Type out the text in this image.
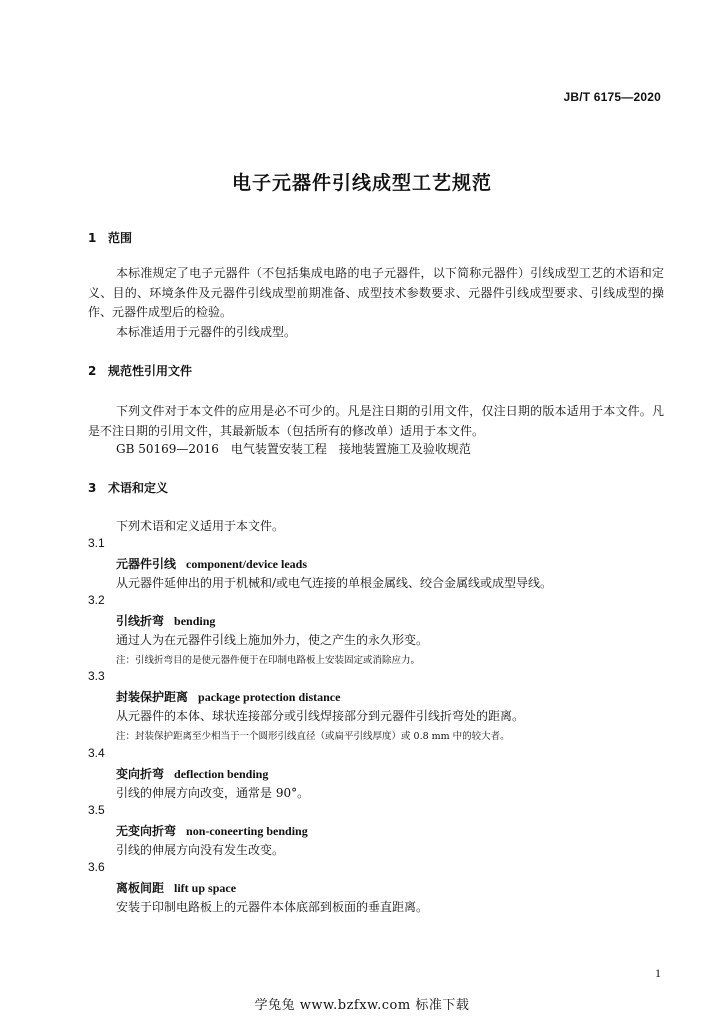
JB/T 6175—2020
电子元器件引线成型工艺规范
1 范围
本标准规定了电子元器件（不包括集成电路的电子元器件，以下简称元器件）引线成型工艺的术语和定义、目的、环境条件及元器件引线成型前期准备、成型技术参数要求、元器件引线成型要求、引线成型的操作、元器件成型后的检验。
本标准适用于元器件的引线成型。
2 规范性引用文件
下列文件对于本文件的应用是必不可少的。凡是注日期的引用文件，仅注日期的版本适用于本文件。凡是不注日期的引用文件，其最新版本（包括所有的修改单）适用于本文件。
GB 50169—2016　电气装置安装工程　接地装置施工及验收规范
3 术语和定义
下列术语和定义适用于本文件。
3.1
元器件引线 component/device leads
从元器件延伸出的用于机械和/或电气连接的单根金属线、绞合金属线或成型导线。
3.2
引线折弯 bending
通过人为在元器件引线上施加外力，使之产生的永久形变。
注：引线折弯目的是使元器件便于在印制电路板上安装固定或消除应力。
3.3
封装保护距离 package protection distance
从元器件的本体、球状连接部分或引线焊接部分到元器件引线折弯处的距离。
注：封装保护距离至少相当于一个圆形引线直径（或扁平引线厚度）或 0.8 mm 中的较大者。
3.4
变向折弯 deflection bending
引线的伸展方向改变，通常是 90°。
3.5
无变向折弯 non-coneerting bending
引线的伸展方向没有发生改变。
3.6
离板间距 lift up space
安装于印制电路板上的元器件本体底部到板面的垂直距离。
1
学兔兔 www.bzfxw.com 标准下载
